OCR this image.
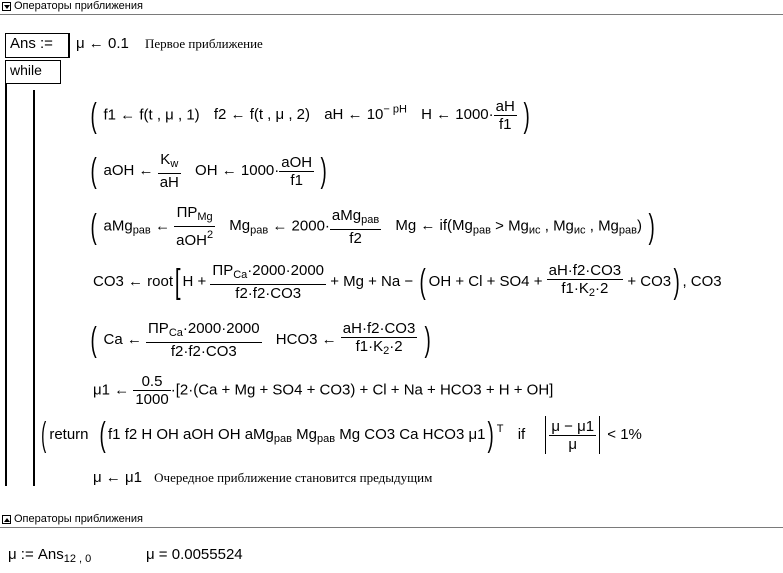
Операторы приближения
Ans :=	μ ← 0.1 Первое приближение
while
( f1 ← f(t , μ , 1) f2 ← f(t , μ , 2) aH ← $10^{- pH}$ H ← $1000\cdot \frac{aH}{f1}$ )
( aOH ← $\frac{K_w}{aH}$ OH ← $1000\cdot \frac{\text{aOH}}{f1}$ )
( aMg$_{рав}$ ← $\frac{ПР_{Mg}}{aOH^2} Mg_{рав}$ ← $2000\cdot \frac{aMg_{рав}}{f2}$ Mg ← $if(Mg_{рав} > Mg_{ис}$ , $Mg_{ис}$ , $Mg_{рав}$) )
CO3 ← root[ $H + \frac{ПР_{Ca}\cdot 2000\cdot 2000}{f2\cdot f2\cdot CO3} + Mg + Na$ − ( OH + $Cl + SO4 + \frac{aH\cdot f2\cdot CO3}{f1\cdot K_2\cdot 2} + CO3$) , CO3
( Ca ← $\frac{ПР_{Ca}\cdot 2000\cdot 2000}{f2\cdot f2\cdot CO3} HCO3$ ← $\frac{aH\cdot f2\cdot CO3}{f1\cdot K_2\cdot 2}$ )
μ1 ← $\frac{0.5}{1000} \cdot[2\cdot(Ca + Mg + SO4 + CO3) + Cl + Na + HCO3 + H + OH]$
( return ( f1 f2 H OH aOH OH aMg$_{рав}$ $Mg_{рав}$ Mg CO3 Ca HCO3 μ1) $^T$ if $\frac{\mu - \mu 1}{\mu} < 1\%$
μ ← μ1 Очередное приближение становится предыдущим
Операторы приближения
μ := Ans$_{12 , 0}$	μ = 0.0055524
